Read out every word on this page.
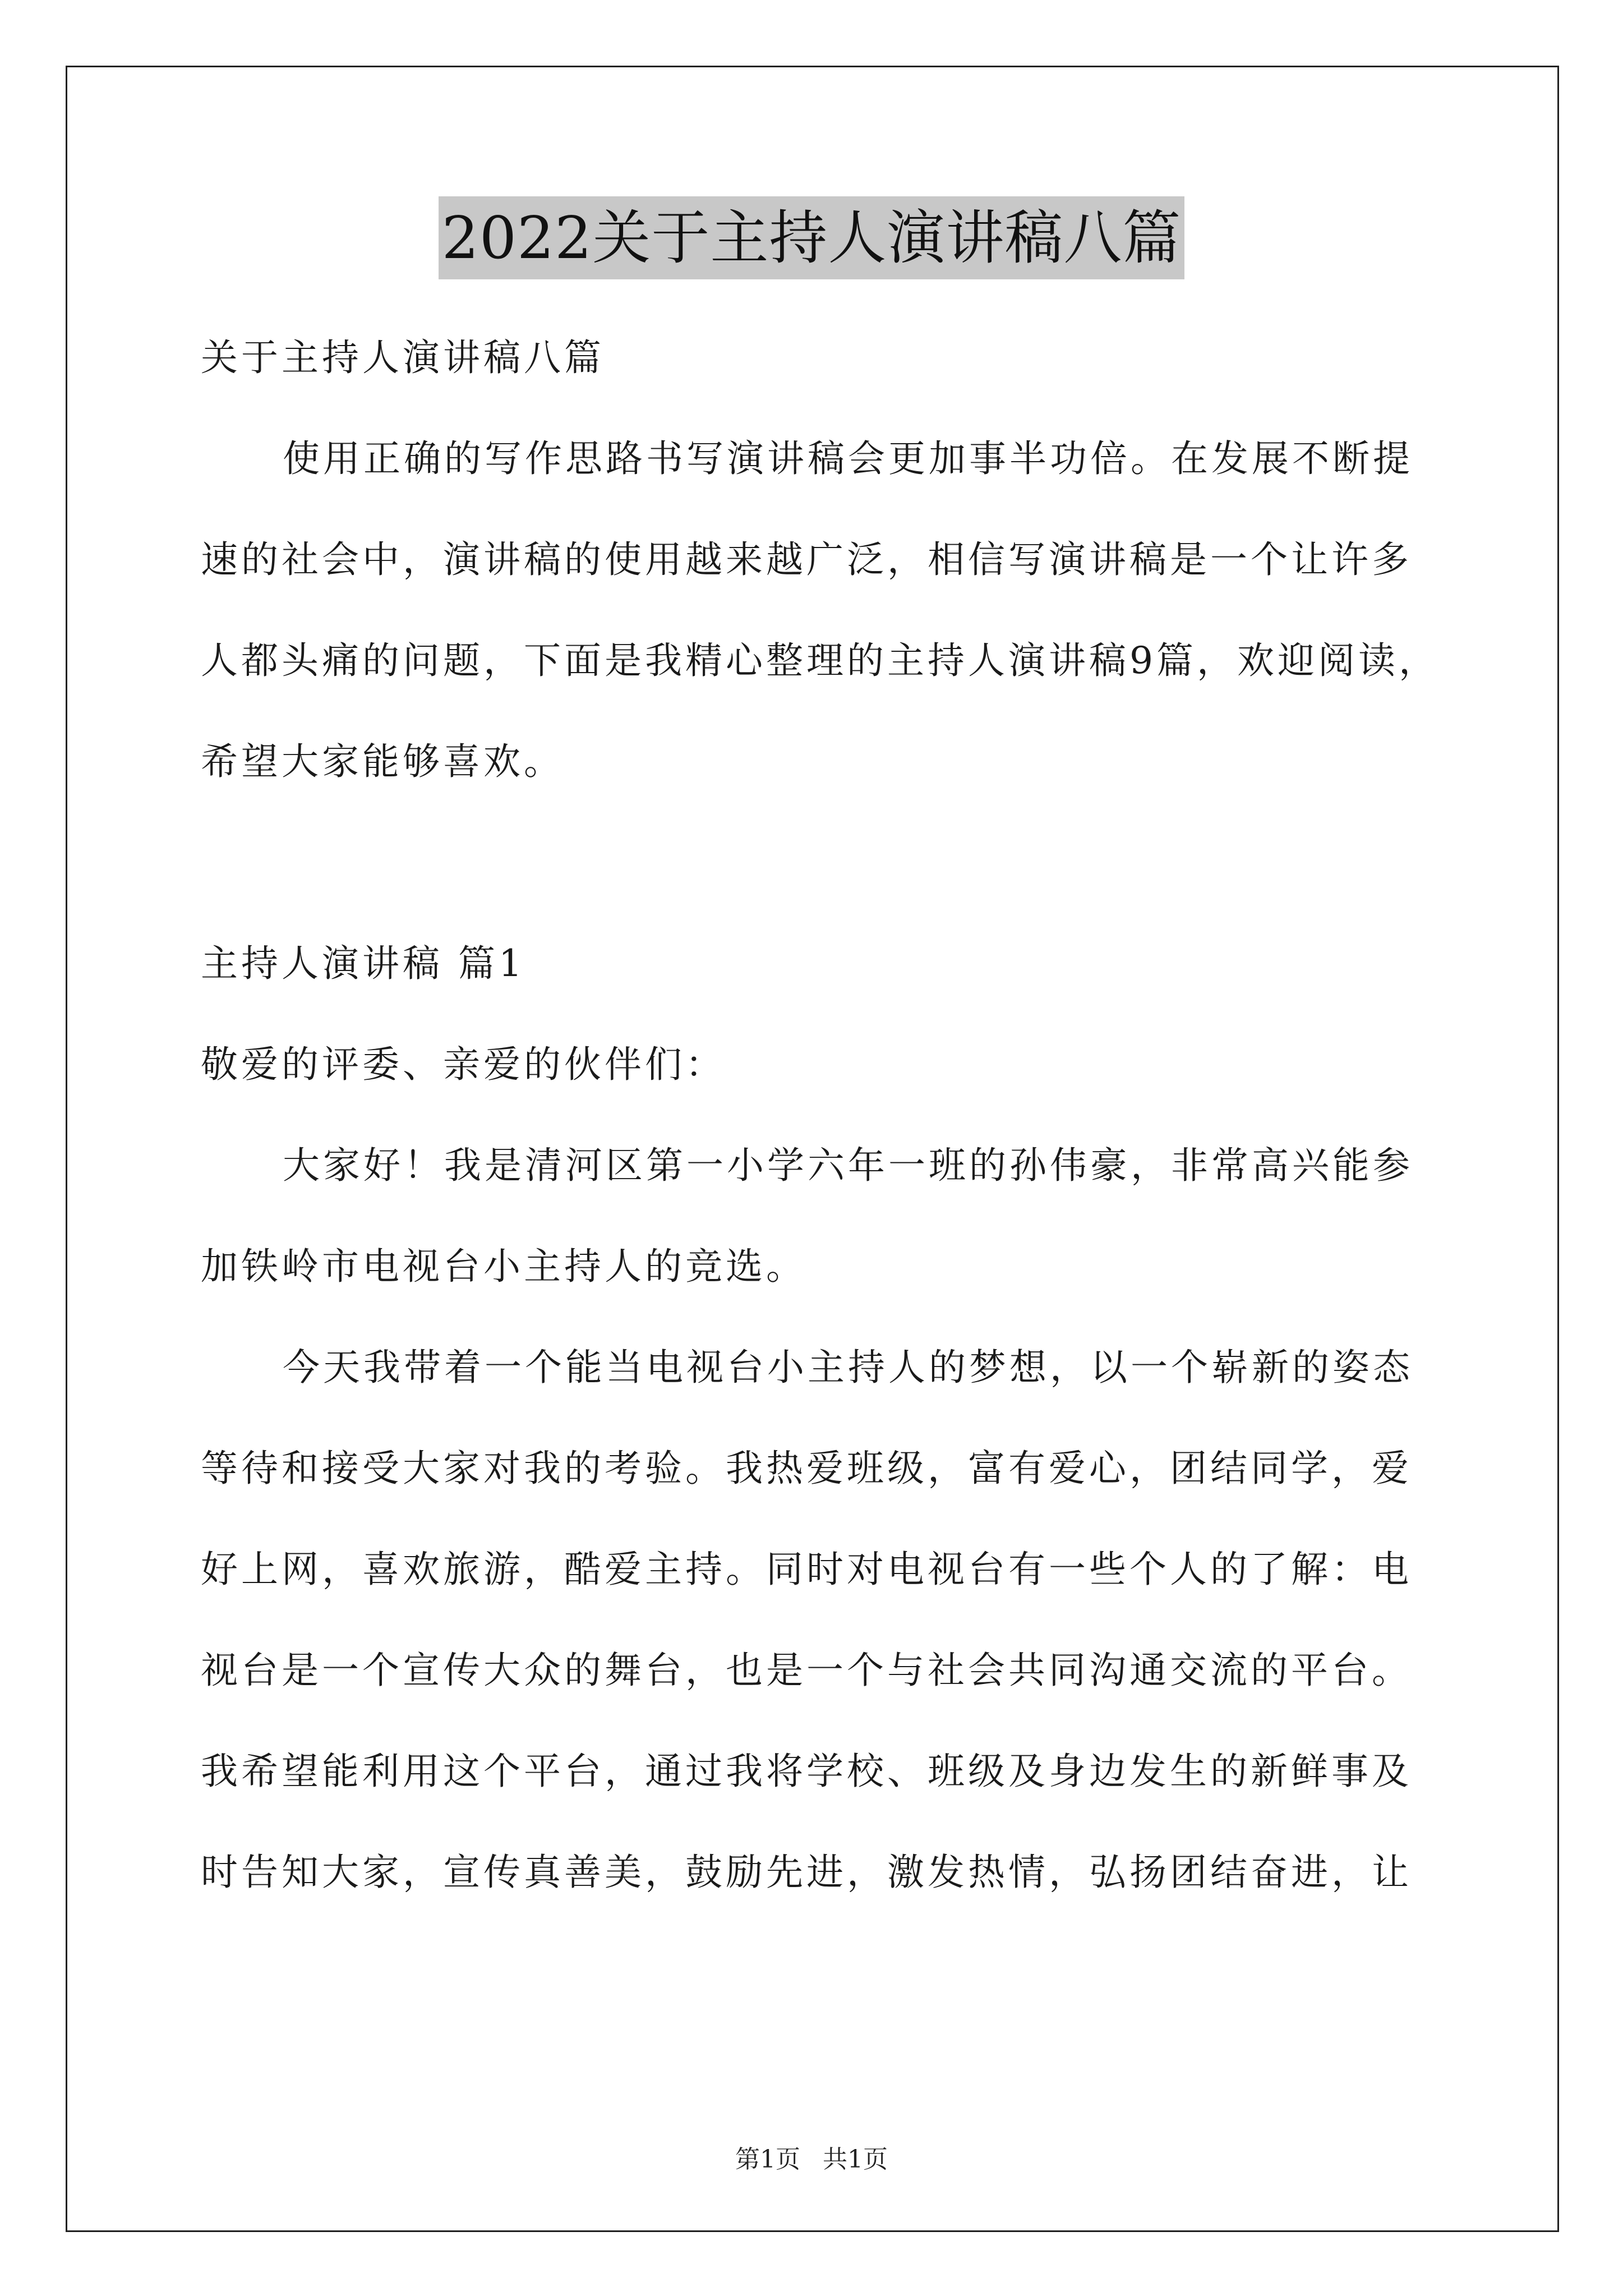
2022关于主持人演讲稿八篇
关于主持人演讲稿八篇
使用正确的写作思路书写演讲稿会更加事半功倍。在发展不断提
速的社会中，演讲稿的使用越来越广泛，相信写演讲稿是一个让许多
人都头痛的问题，下面是我精心整理的主持人演讲稿9篇，欢迎阅读，
希望大家能够喜欢。
主持人演讲稿 篇1
敬爱的评委、亲爱的伙伴们：
大家好！我是清河区第一小学六年一班的孙伟豪，非常高兴能参
加铁岭市电视台小主持人的竞选。
今天我带着一个能当电视台小主持人的梦想，以一个崭新的姿态
等待和接受大家对我的考验。我热爱班级，富有爱心，团结同学，爱
好上网，喜欢旅游，酷爱主持。同时对电视台有一些个人的了解：电
视台是一个宣传大众的舞台，也是一个与社会共同沟通交流的平台。
我希望能利用这个平台，通过我将学校、班级及身边发生的新鲜事及
时告知大家，宣传真善美，鼓励先进，激发热情，弘扬团结奋进，让
第1页 共1页
